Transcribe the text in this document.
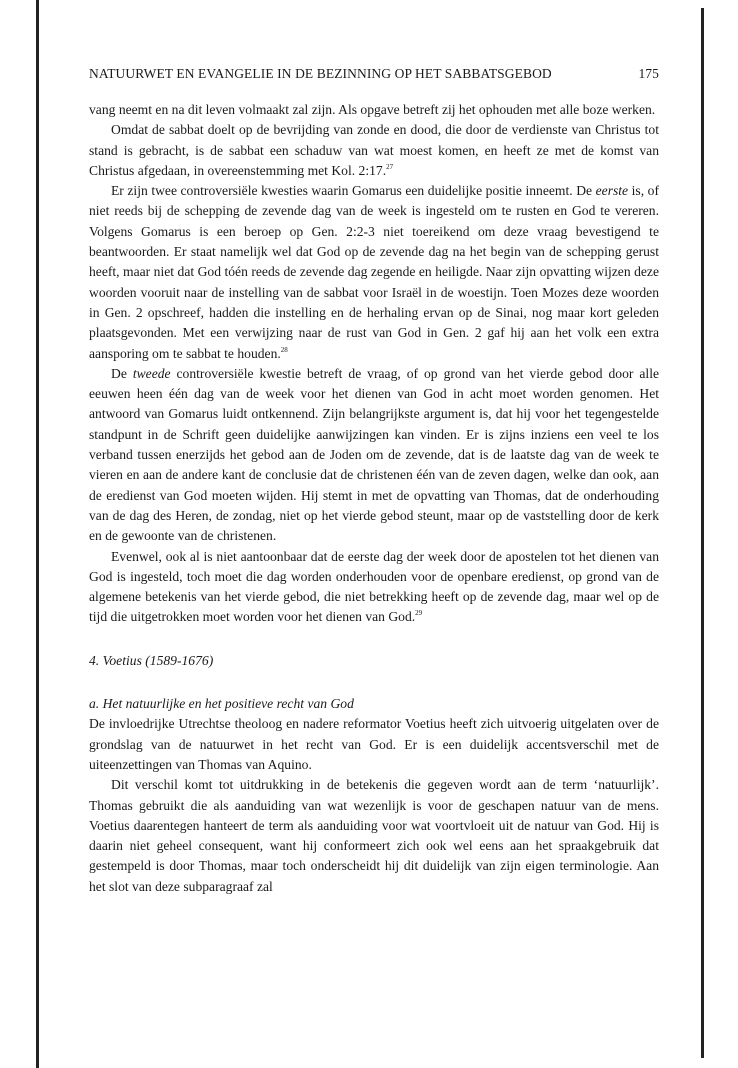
NATUURWET EN EVANGELIE IN DE BEZINNING OP HET SABBATSGEBOD	175

vang neemt en na dit leven volmaakt zal zijn. Als opgave betreft zij het ophouden met alle boze werken.

Omdat de sabbat doelt op de bevrijding van zonde en dood, die door de verdienste van Christus tot stand is gebracht, is de sabbat een schaduw van wat moest komen, en heeft ze met de komst van Christus afgedaan, in overeenstemming met Kol. 2:17.27

Er zijn twee controversiële kwesties waarin Gomarus een duidelijke positie inneemt. De eerste is, of niet reeds bij de schepping de zevende dag van de week is ingesteld om te rusten en God te vereren. Volgens Gomarus is een beroep op Gen. 2:2-3 niet toereikend om deze vraag bevestigend te beantwoorden. Er staat namelijk wel dat God op de zevende dag na het begin van de schepping gerust heeft, maar niet dat God tóén reeds de zevende dag zegende en heiligde. Naar zijn opvatting wijzen deze woorden vooruit naar de instelling van de sabbat voor Israël in de woestijn. Toen Mozes deze woorden in Gen. 2 opschreef, hadden die instelling en de herhaling ervan op de Sinai, nog maar kort geleden plaatsgevonden. Met een verwijzing naar de rust van God in Gen. 2 gaf hij aan het volk een extra aansporing om te sabbat te houden.$^{28}$

De tweede controversiële kwestie betreft de vraag, of op grond van het vierde gebod door alle eeuwen heen één dag van de week voor het dienen van God in acht moet worden genomen. Het antwoord van Gomarus luidt ontkennend. Zijn belangrijkste argument is, dat hij voor het tegengestelde standpunt in de Schrift geen duidelijke aanwijzingen kan vinden. Er is zijns inziens een veel te los verband tussen enerzijds het gebod aan de Joden om de zevende, dat is de laatste dag van de week te vieren en aan de andere kant de conclusie dat de christenen één van de zeven dagen, welke dan ook, aan de eredienst van God moeten wijden. Hij stemt in met de opvatting van Thomas, dat de onderhouding van de dag des Heren, de zondag, niet op het vierde gebod steunt, maar op de vaststelling door de kerk en de gewoonte van de christenen.

Evenwel, ook al is niet aantoonbaar dat de eerste dag der week door de apostelen tot het dienen van God is ingesteld, toch moet die dag worden onderhouden voor de openbare eredienst, op grond van de algemene betekenis van het vierde gebod, die niet betrekking heeft op de zevende dag, maar wel op de tijd die uitgetrokken moet worden voor het dienen van God.$^{29}$

4. Voetius (1589-1676)

a. Het natuurlijke en het positieve recht van God

De invloedrijke Utrechtse theoloog en nadere reformator Voetius heeft zich uitvoerig uitgelaten over de grondslag van de natuurwet in het recht van God. Er is een duidelijk accentsverschil met de uiteenzettingen van Thomas van Aquino.

Dit verschil komt tot uitdrukking in de betekenis die gegeven wordt aan de term ‘natuurlijk’. Thomas gebruikt die als aanduiding van wat wezenlijk is voor de geschapen natuur van de mens. Voetius daarentegen hanteert de term als aanduiding voor wat voortvloeit uit de natuur van God. Hij is daarin niet geheel consequent, want hij conformeert zich ook wel eens aan het spraakgebruik dat gestempeld is door Thomas, maar toch onderscheidt hij dit duidelijk van zijn eigen terminologie. Aan het slot van deze subparagraaf zal
